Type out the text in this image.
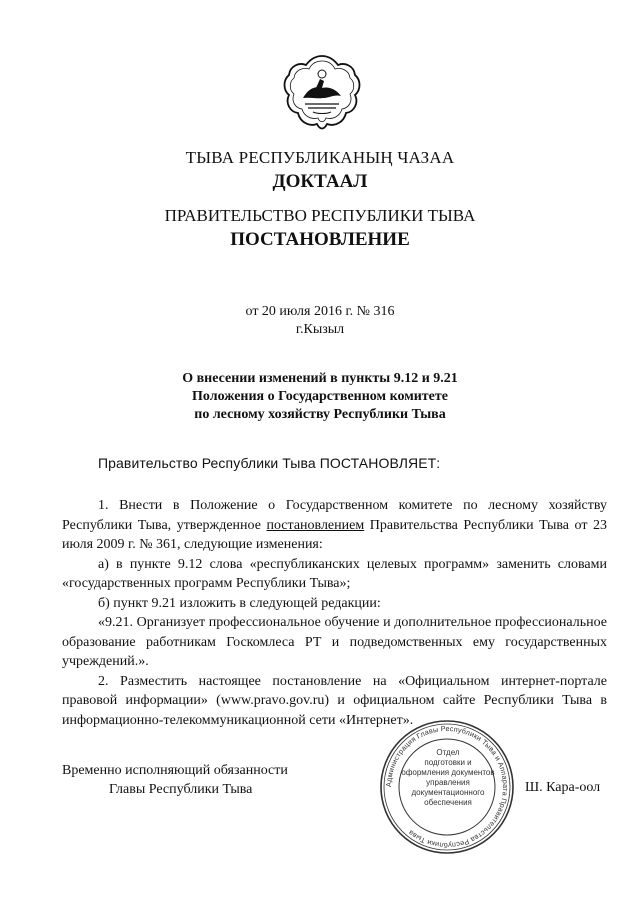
ТЫВА РЕСПУБЛИКАНЫҢ ЧАЗАА
ДОКТААЛ
ПРАВИТЕЛЬСТВО РЕСПУБЛИКИ ТЫВА
ПОСТАНОВЛЕНИЕ
от 20 июля 2016 г. № 316
г.Кызыл
О внесении изменений в пункты 9.12 и 9.21
Положения о Государственном комитете
по лесному хозяйству Республики Тыва
Правительство Республики Тыва ПОСТАНОВЛЯЕТ:

1. Внести в Положение о Государственном комитете по лесному хозяйству Республики Тыва, утвержденное постановлением Правительства Республики Тыва от 23 июля 2009 г. № 361, следующие изменения:

а) в пункте 9.12 слова «республиканских целевых программ» заменить словами «государственных программ Республики Тыва»;

б) пункт 9.21 изложить в следующей редакции:

«9.21. Организует профессиональное обучение и дополнительное профессиональное образование работникам Госкомлеса РТ и подведомственных ему государственных учреждений.».

2. Разместить настоящее постановление на «Официальном интернет-портале правовой информации» (www.pravo.gov.ru) и официальном сайте Республики Тыва в информационно-телекоммуникационной сети «Интернет».

Временно исполняющий обязанности
Главы Республики Тыва	Администрация Главы Республики Тыва и Аппарата Правительства Республики Тыва
Отдел
подготовки и
оформления документов
управления
документационного
обеспечения
Ш. Кара-оол
